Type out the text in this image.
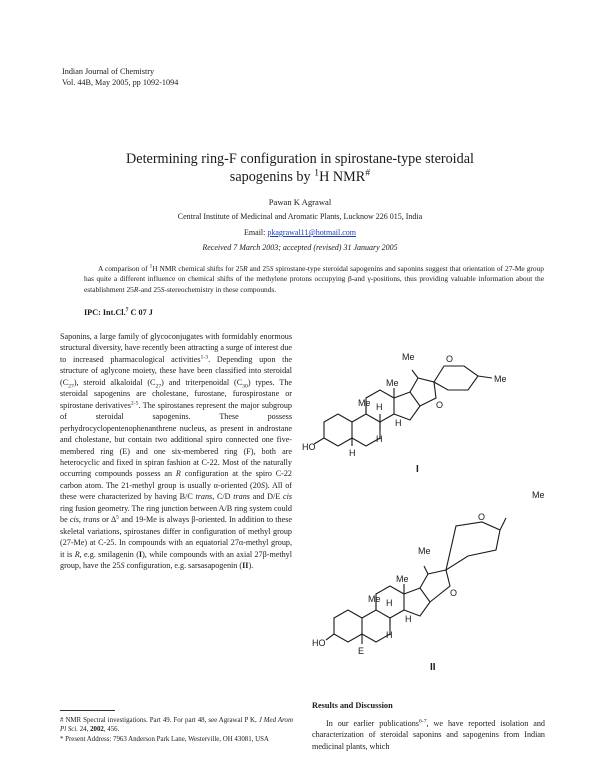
Indian Journal of Chemistry
Vol. 44B, May 2005, pp 1092-1094
Determining ring-F configuration in spirostane-type steroidal
sapogenins by $^1$H NMR#
Pawan K Agrawal
Central Institute of Medicinal and Aromatic Plants, Lucknow 226 015, India
Email: pkagrawal11@hotmail.com
Received 7 March 2003; accepted (revised) 31 January 2005
A comparison of $^1$H NMR chemical shifts for 25R and 25S spirostane-type steroidal sapogenins and saponins suggest that orientation of 27-Me group has quite a different influence on chemical shifts of the methylene protons occupying β-and γ-positions, thus providing valuable information about the establishment 25R-and 25S-stereochemistry in these compounds.
IPC: Int.Cl.$^7$ C 07 J
Saponins, a large family of glycoconjugates with formidably enormous structural diversity, have recently been attracting a surge of interest due to increased pharmacological activities$^{1-3}$. Depending upon the structure of aglycone moiety, these have been classified into steroidal $(C_{27})$, steroid alkaloidal $(C_{27})$ and triterpenoidal $(C_{30})$ types. The steroidal sapogenins are cholestane, furostane, furospirostane or spirostane derivatives$^{2-5}$. The spirostanes represent the major subgroup of steroidal sapogenins. These possess perhydrocyclopentenophenanthrene nucleus, as present in androstane and cholestane, but contain two additional spiro connected one five-membered ring (E) and one six-membered ring (F), both are heterocyclic and fixed in spiran fashion at C-22. Most of the naturally occurring compounds possess an R configuration at the spiro C-22 carbon atom. The 21-methyl group is usually α-oriented (20S). All of these were characterized by having B/C trans, C/D trans and D/E cis ring fusion geometry. The ring junction between A/B ring system could be cis, trans or $\Delta^5$ and 19-Me is always β-oriented. In addition to these skeletal variations, spirostanes differ in configuration of methyl group (27-Me) at C-25. In compounds with an equatorial 27α-methyl group, it is R, e.g. smilagenin (I), while compounds with an axial 27β-methyl group, have the 25S configuration, e.g. sarsasapogenin (II).
# NMR Spectral investigations. Part 49. For part 48, see Agrawal P K, J Med Arom Pl Sci. 24, 2002, 456.
* Present Address: 7963 Anderson Park Lane, Westerville, OH 43081, USA
Results and Discussion
In our earlier publications$^{6-7}$, we have reported isolation and characterization of steroidal saponins and sapogenins from Indian medicinal plants, which
Me
Me	Me
Me
O
O
H
H
H
H
HO
I
Me
Me
Me
Me
O
O
H
H
H
E
HO
II
